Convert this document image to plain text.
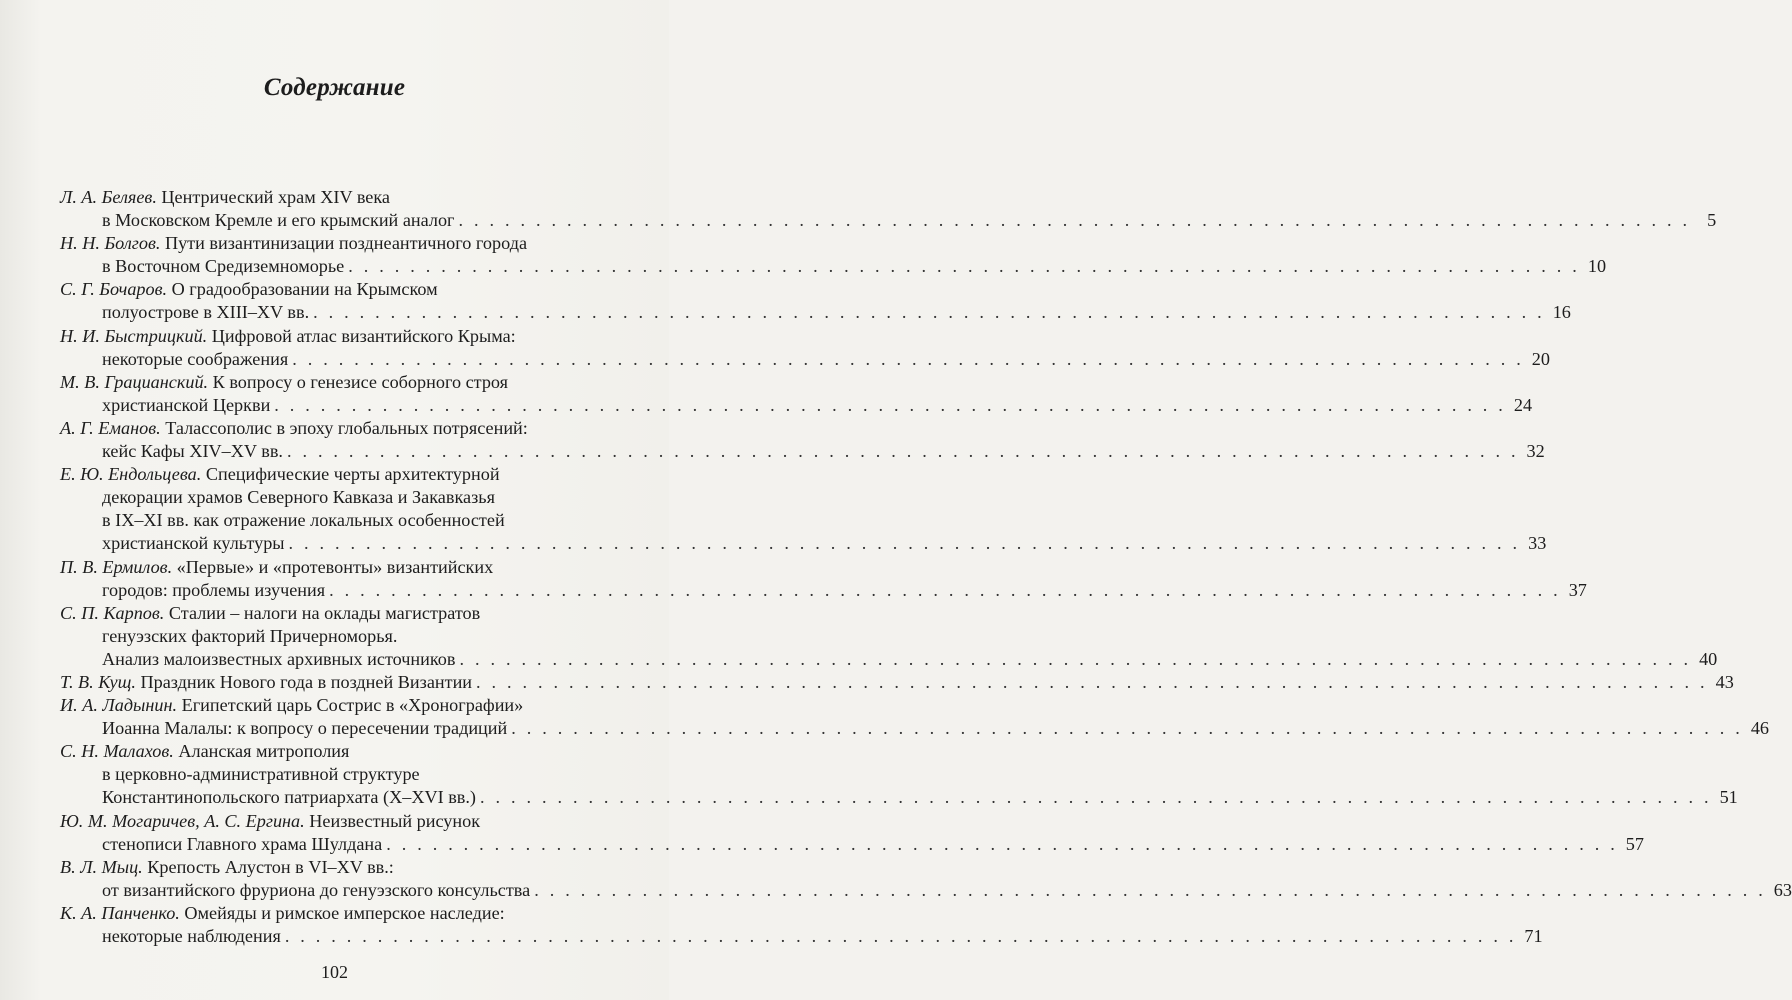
Содержание
Л. А. Беляев. Центрический храм XIV века
в Московском Кремле и его крымский аналог . . . . . . . . . . . . . . . . . . . . . . . . . . . . . . . . . . . . . . . . . . . . . . . . . . . . . . . . . . . . . . . . . . . . . . . . . . . . . . . . 5
Н. Н. Болгов. Пути византинизации позднеантичного города
в Восточном Средиземноморье . . . . . . . . . . . . . . . . . . . . . . . . . . . . . . . . . . . . . . . . . . . . . . . . . . . . . . . . . . . . . . . . . . . . . . . . . . . . . . . . 10
С. Г. Бочаров. О градообразовании на Крымском
полуострове в XIII–XV вв. . . . . . . . . . . . . . . . . . . . . . . . . . . . . . . . . . . . . . . . . . . . . . . . . . . . . . . . . . . . . . . . . . . . . . . . . . . . . . . . . 16
Н. И. Быстрицкий. Цифровой атлас византийского Крыма:
некоторые соображения . . . . . . . . . . . . . . . . . . . . . . . . . . . . . . . . . . . . . . . . . . . . . . . . . . . . . . . . . . . . . . . . . . . . . . . . . . . . . . . . 20
М. В. Грацианский. К вопросу о генезисе соборного строя
христианской Церкви . . . . . . . . . . . . . . . . . . . . . . . . . . . . . . . . . . . . . . . . . . . . . . . . . . . . . . . . . . . . . . . . . . . . . . . . . . . . . . . . 24
А. Г. Еманов. Талассополис в эпоху глобальных потрясений:
кейс Кафы XIV–XV вв. . . . . . . . . . . . . . . . . . . . . . . . . . . . . . . . . . . . . . . . . . . . . . . . . . . . . . . . . . . . . . . . . . . . . . . . . . . . . . . . . 32
Е. Ю. Ендольцева. Специфические черты архитектурной
декорации храмов Северного Кавказа и Закавказья
в IX–XI вв. как отражение локальных особенностей
христианской культуры . . . . . . . . . . . . . . . . . . . . . . . . . . . . . . . . . . . . . . . . . . . . . . . . . . . . . . . . . . . . . . . . . . . . . . . . . . . . . . . . 33
П. В. Ермилов. «Первые» и «протевонты» византийских
городов: проблемы изучения . . . . . . . . . . . . . . . . . . . . . . . . . . . . . . . . . . . . . . . . . . . . . . . . . . . . . . . . . . . . . . . . . . . . . . . . . . . . . . . . 37
С. П. Карпов. Сталии – налоги на оклады магистратов
генуэзских факторий Причерноморья.
Анализ малоизвестных архивных источников . . . . . . . . . . . . . . . . . . . . . . . . . . . . . . . . . . . . . . . . . . . . . . . . . . . . . . . . . . . . . . . . . . . . . . . . . . . . . . . . 40
Т. В. Кущ. Праздник Нового года в поздней Византии . . . . . . . . . . . . . . . . . . . . . . . . . . . . . . . . . . . . . . . . . . . . . . . . . . . . . . . . . . . . . . . . . . . . . . . . . . . . . . . . 43
И. А. Ладынин. Египетский царь Сострис в «Хронографии»
Иоанна Малалы: к вопросу о пересечении традиций . . . . . . . . . . . . . . . . . . . . . . . . . . . . . . . . . . . . . . . . . . . . . . . . . . . . . . . . . . . . . . . . . . . . . . . . . . . . . . . . 46
С. Н. Малахов. Аланская митрополия
в церковно-административной структуре
Константинопольского патриархата (X–XVI вв.) . . . . . . . . . . . . . . . . . . . . . . . . . . . . . . . . . . . . . . . . . . . . . . . . . . . . . . . . . . . . . . . . . . . . . . . . . . . . . . . . 51
Ю. М. Могаричев, А. С. Ергина. Неизвестный рисунок
стенописи Главного храма Шулдана . . . . . . . . . . . . . . . . . . . . . . . . . . . . . . . . . . . . . . . . . . . . . . . . . . . . . . . . . . . . . . . . . . . . . . . . . . . . . . . . 57
В. Л. Мыц. Крепость Алустон в VI–XV вв.:
от византийского фруриона до генуэзского консульства . . . . . . . . . . . . . . . . . . . . . . . . . . . . . . . . . . . . . . . . . . . . . . . . . . . . . . . . . . . . . . . . . . . . . . . . . . . . . . . . 63
К. А. Панченко. Омейяды и римское имперское наследие:
некоторые наблюдения . . . . . . . . . . . . . . . . . . . . . . . . . . . . . . . . . . . . . . . . . . . . . . . . . . . . . . . . . . . . . . . . . . . . . . . . . . . . . . . . 71
102
